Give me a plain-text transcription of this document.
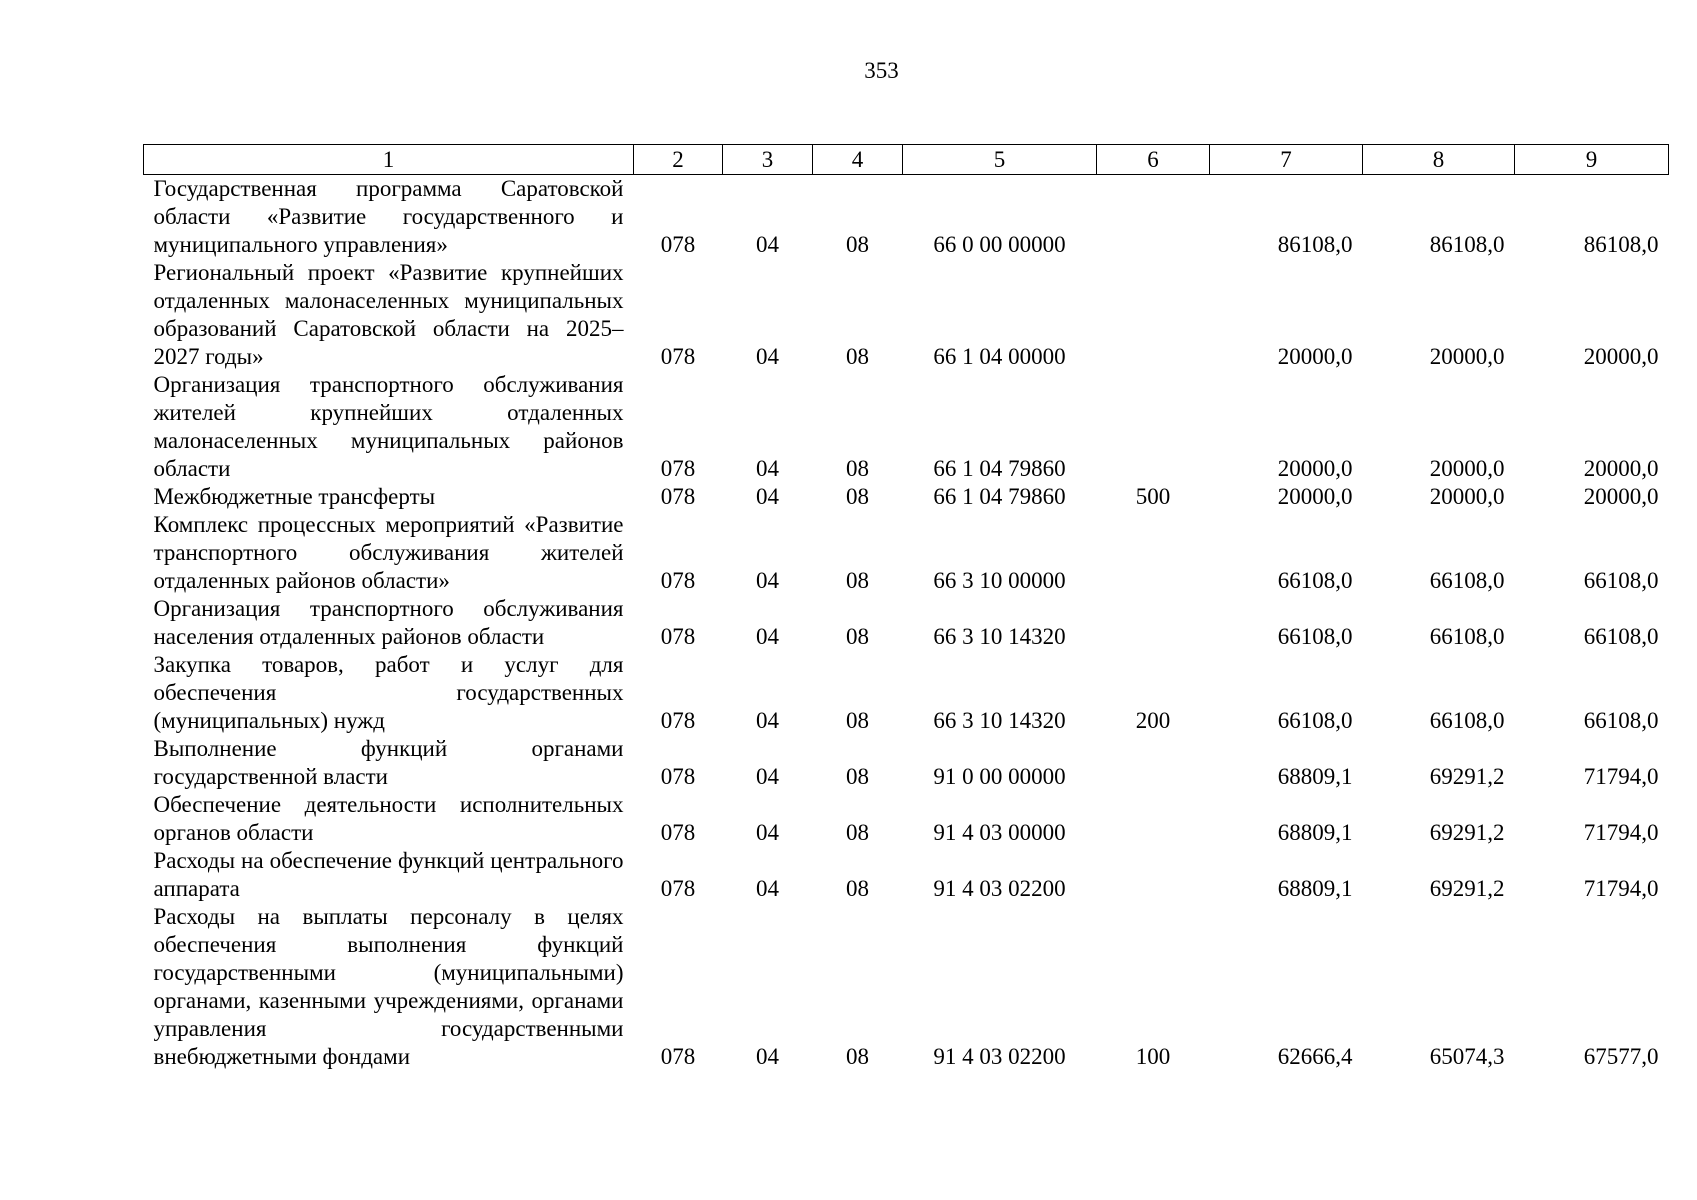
353
1	2	3	4	5	6	7	8	9
Государственная программа Саратовской области «Развитие государственного и муниципального управления»	078	04	08	66 0 00 00000		86108,0	86108,0	86108,0
Региональный проект «Развитие крупнейших отдаленных малонаселенных муниципальных образований Саратовской области на 2025–2027 годы»	078	04	08	66 1 04 00000		20000,0	20000,0	20000,0
Организация транспортного обслуживания жителей крупнейших отдаленных малонаселенных муниципальных районов области	078	04	08	66 1 04 79860		20000,0	20000,0	20000,0
Межбюджетные трансферты	078	04	08	66 1 04 79860	500	20000,0	20000,0	20000,0
Комплекс процессных мероприятий «Развитие транспортного обслуживания жителей отдаленных районов области»	078	04	08	66 3 10 00000		66108,0	66108,0	66108,0
Организация транспортного обслуживания населения отдаленных районов области	078	04	08	66 3 10 14320		66108,0	66108,0	66108,0
Закупка товаров, работ и услуг для обеспечения государственных (муниципальных) нужд	078	04	08	66 3 10 14320	200	66108,0	66108,0	66108,0
Выполнение функций органами государственной власти	078	04	08	91 0 00 00000		68809,1	69291,2	71794,0
Обеспечение деятельности исполнительных органов области	078	04	08	91 4 03 00000		68809,1	69291,2	71794,0
Расходы на обеспечение функций центрального аппарата	078	04	08	91 4 03 02200		68809,1	69291,2	71794,0
Расходы на выплаты персоналу в целях обеспечения выполнения функций государственными (муниципальными) органами, казенными учреждениями, органами управления государственными внебюджетными фондами	078	04	08	91 4 03 02200	100	62666,4	65074,3	67577,0
